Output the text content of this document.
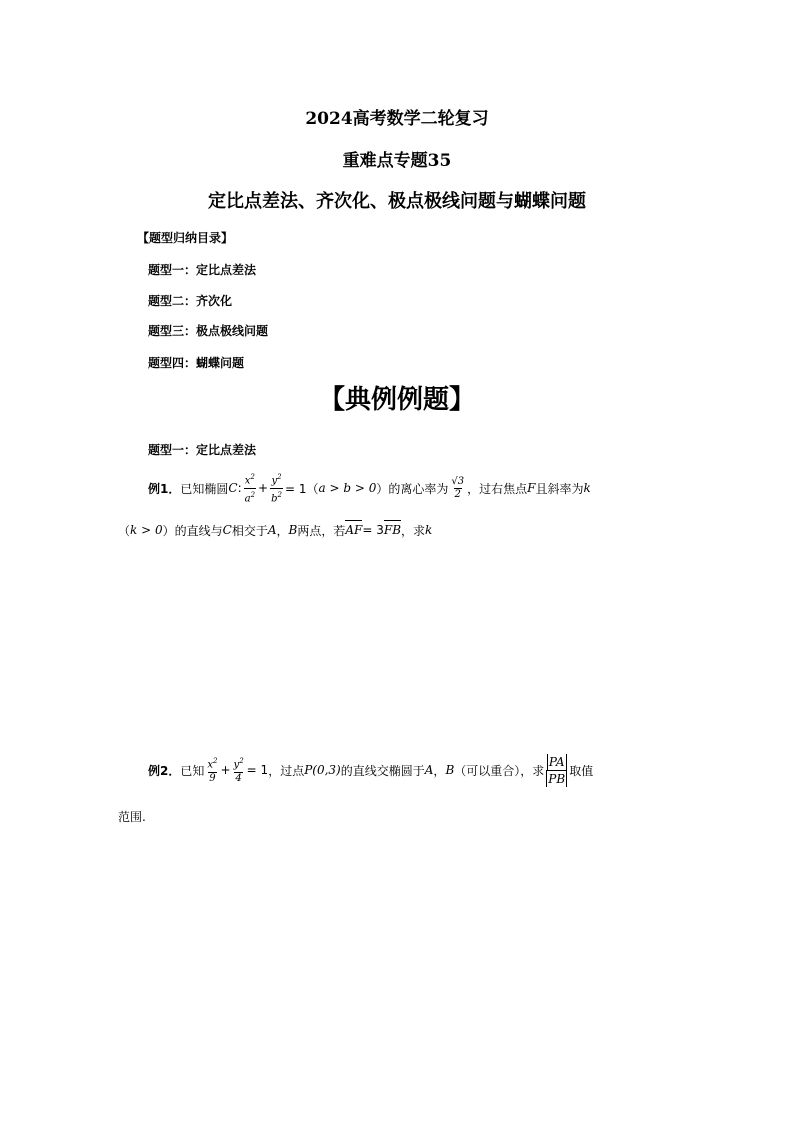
2024高考数学二轮复习
重难点专题35
定比点差法、齐次化、极点极线问题与蝴蝶问题
【题型归纳目录】
题型一：定比点差法
题型二：齐次化
题型三：极点极线问题
题型四：蝴蝶问题
【典例例题】
题型一：定比点差法
例1． 已知椭圆 C : $\frac{x^2}{a^2} + \frac{y^2}{b^2} = 1$（ a > b > 0 ）的离心率为 $\frac{√3}{2}$ ，过右焦点 F 且斜率为 k
（ k > 0 ）的直线与 C 相交于 A ， B 两点，若 AF = 3 FB ，求 k
例2． 已知 $\frac{x^2}{9} + \frac{y^2}{4} = 1$ ，过点 P(0,3) 的直线交椭圆于 A ， B （可以重合），求 $\frac{PA}{PB}$ 取值
范围.
